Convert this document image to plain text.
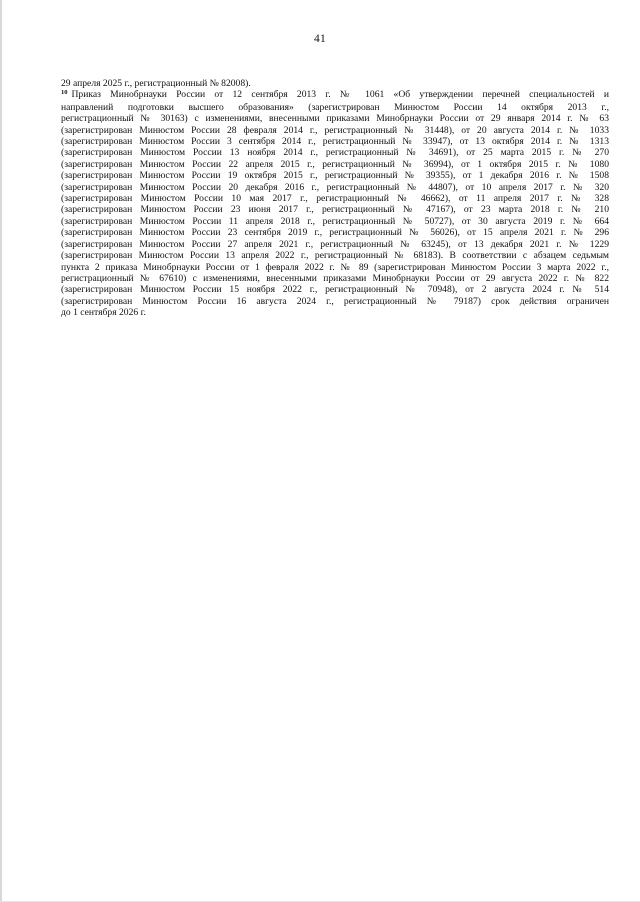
41
29 апреля 2025 г., регистрационный № 82008).
$^{10}$ Приказ Минобрнауки России от 12 сентября 2013 г. № 1061 «Об утверждении перечней специальностей и
направлений подготовки высшего образования» (зарегистрирован Минюстом России 14 октября 2013 г.,
регистрационный № 30163) с изменениями, внесенными приказами Минобрнауки России от 29 января 2014 г. № 63
(зарегистрирован Минюстом России 28 февраля 2014 г., регистрационный № 31448), от 20 августа 2014 г. № 1033
(зарегистрирован Минюстом России 3 сентября 2014 г., регистрационный № 33947), от 13 октября 2014 г. № 1313
(зарегистрирован Минюстом России 13 ноября 2014 г., регистрационный № 34691), от 25 марта 2015 г. № 270
(зарегистрирован Минюстом России 22 апреля 2015 г., регистрационный № 36994), от 1 октября 2015 г. № 1080
(зарегистрирован Минюстом России 19 октября 2015 г., регистрационный № 39355), от 1 декабря 2016 г. № 1508
(зарегистрирован Минюстом России 20 декабря 2016 г., регистрационный № 44807), от 10 апреля 2017 г. № 320
(зарегистрирован Минюстом России 10 мая 2017 г., регистрационный № 46662), от 11 апреля 2017 г. № 328
(зарегистрирован Минюстом России 23 июня 2017 г., регистрационный № 47167), от 23 марта 2018 г. № 210
(зарегистрирован Минюстом России 11 апреля 2018 г., регистрационный № 50727), от 30 августа 2019 г. № 664
(зарегистрирован Минюстом России 23 сентября 2019 г., регистрационный № 56026), от 15 апреля 2021 г. № 296
(зарегистрирован Минюстом России 27 апреля 2021 г., регистрационный № 63245), от 13 декабря 2021 г. № 1229
(зарегистрирован Минюстом России 13 апреля 2022 г., регистрационный № 68183). В соответствии с абзацем седьмым
пункта 2 приказа Минобрнауки России от 1 февраля 2022 г. № 89 (зарегистрирован Минюстом России 3 марта 2022 г.,
регистрационный № 67610) с изменениями, внесенными приказами Минобрнауки России от 29 августа 2022 г. № 822
(зарегистрирован Минюстом России 15 ноября 2022 г., регистрационный № 70948), от 2 августа 2024 г. № 514
(зарегистрирован Минюстом России 16 августа 2024 г., регистрационный № 79187) срок действия ограничен
до 1 сентября 2026 г.
